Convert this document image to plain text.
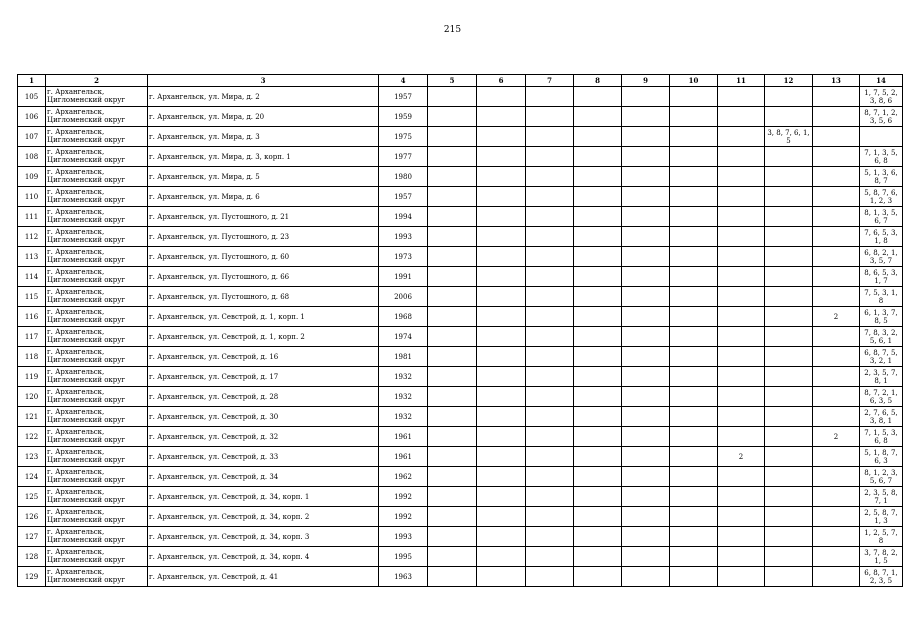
215
1	2	3	4	5	6	7	8	9	10	11	12	13	14
105	г. Архангельск, Цигломенский округ	г. Архангельск, ул. Мира, д. 2	1957										1, 7, 5, 2, 3, 8, 6
106	г. Архангельск, Цигломенский округ	г. Архангельск, ул. Мира, д. 20	1959										8, 7, 1, 2, 3, 5, 6
107	г. Архангельск, Цигломенский округ	г. Архангельск, ул. Мира, д. 3	1975								3, 8, 7, 6, 1, 5		
108	г. Архангельск, Цигломенский округ	г. Архангельск, ул. Мира, д. 3, корп. 1	1977										7, 1, 3, 5, 6, 8
109	г. Архангельск, Цигломенский округ	г. Архангельск, ул. Мира, д. 5	1980										5, 1, 3, 6, 8, 7
110	г. Архангельск, Цигломенский округ	г. Архангельск, ул. Мира, д. 6	1957										5, 8, 7, 6, 1, 2, 3
111	г. Архангельск, Цигломенский округ	г. Архангельск, ул. Пустошного, д. 21	1994										8, 1, 3, 5, 6, 7
112	г. Архангельск, Цигломенский округ	г. Архангельск, ул. Пустошного, д. 23	1993										7, 6, 5, 3, 1, 8
113	г. Архангельск, Цигломенский округ	г. Архангельск, ул. Пустошного, д. 60	1973										6, 8, 2, 1, 3, 5, 7
114	г. Архангельск, Цигломенский округ	г. Архангельск, ул. Пустошного, д. 66	1991										8, 6, 5, 3, 1, 7
115	г. Архангельск, Цигломенский округ	г. Архангельск, ул. Пустошного, д. 68	2006										7, 5, 3, 1, 8
116	г. Архангельск, Цигломенский округ	г. Архангельск, ул. Севстрой, д. 1, корп. 1	1968									2	6, 1, 3, 7, 8, 5
117	г. Архангельск, Цигломенский округ	г. Архангельск, ул. Севстрой, д. 1, корп. 2	1974										7, 8, 3, 2, 5, 6, 1
118	г. Архангельск, Цигломенский округ	г. Архангельск, ул. Севстрой, д. 16	1981										6, 8, 7, 5, 3, 2, 1
119	г. Архангельск, Цигломенский округ	г. Архангельск, ул. Севстрой, д. 17	1932										2, 3, 5, 7, 8, 1
120	г. Архангельск, Цигломенский округ	г. Архангельск, ул. Севстрой, д. 28	1932										8, 7, 2, 1, 6, 3, 5
121	г. Архангельск, Цигломенский округ	г. Архангельск, ул. Севстрой, д. 30	1932										2, 7, 6, 5, 3, 8, 1
122	г. Архангельск, Цигломенский округ	г. Архангельск, ул. Севстрой, д. 32	1961									2	7, 1, 5, 3, 6, 8
123	г. Архангельск, Цигломенский округ	г. Архангельск, ул. Севстрой, д. 33	1961							2			5, 1, 8, 7, 6, 3
124	г. Архангельск, Цигломенский округ	г. Архангельск, ул. Севстрой, д. 34	1962										8, 1, 2, 3, 5, 6, 7
125	г. Архангельск, Цигломенский округ	г. Архангельск, ул. Севстрой, д. 34, корп. 1	1992										2, 3, 5, 8, 7, 1
126	г. Архангельск, Цигломенский округ	г. Архангельск, ул. Севстрой, д. 34, корп. 2	1992										2, 5, 8, 7, 1, 3
127	г. Архангельск, Цигломенский округ	г. Архангельск, ул. Севстрой, д. 34, корп. 3	1993										1, 2, 5, 7, 8
128	г. Архангельск, Цигломенский округ	г. Архангельск, ул. Севстрой, д. 34, корп. 4	1995										3, 7, 8, 2, 1, 5
129	г. Архангельск, Цигломенский округ	г. Архангельск, ул. Севстрой, д. 41	1963										6, 8, 7, 1, 2, 3, 5
